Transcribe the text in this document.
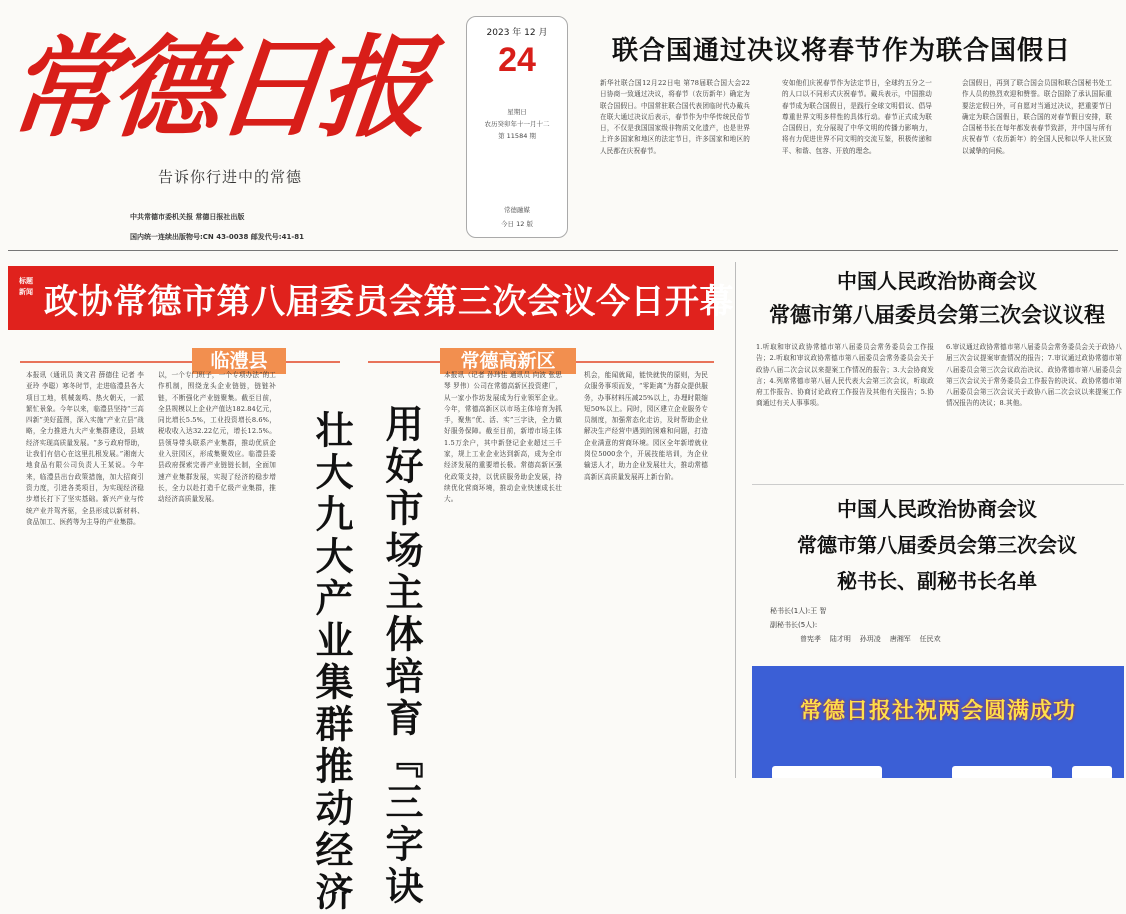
常德日报
告诉你行进中的常德
中共常德市委机关报 常德日报社出版
国内统一连续出版物号:CN 43-0038 邮发代号:41-81
2023 年 12 月
24
星期日
农历癸卯年十一月十二
第 11584 期
常德融媒
今日 12 版
联合国通过决议将春节作为联合国假日
新华社联合国12月22日电 第78届联合国大会22日协商一致通过决议，将春节（农历新年）确定为联合国假日。中国常驻联合国代表团临时代办戴兵在联大通过决议后表示，春节作为中华传统民俗节日，不仅是我国国家级非物质文化遗产，也是世界上许多国家和地区的法定节日，许多国家和地区的人民都在庆祝春节。
安如他们庆祝春节作为法定节日，全球约五分之一的人口以不同形式庆祝春节。戴兵表示，中国推动春节成为联合国假日，是践行全球文明倡议、倡导尊重世界文明多样性的具体行动。春节正式成为联合国假日，充分展现了中华文明的传播力影响力，将有力促进世界不同文明的交流互鉴，积极传递和平、和谐、包容、开放的理念。
会国假日，再到了联合国会员国和联合国秘书处工作人员的热烈欢迎和赞誉。联合国除了承认国际重要法定假日外，可自愿对当通过决议，把重要节日确定为联合国假日，联合国的对春节假日安排，联合国秘书长在每年都发表春节致辞，并中国与所有庆祝春节（农历新年）的全国人民和以华人社区致以诚挚的问候。
标题新闻 政协常德市第八届委员会第三次会议今日开幕
临澧县
本报讯（通讯员 龚文君 薛德佳 记者 李亚玲 李聪）寒冬时节，走进临澧县各大项目工地，机械轰鸣、热火朝天，一派繁忙景象。今年以来，临澧县坚持“三高四新”美好蓝图，深入实施“产业立县”战略，全力推进九大产业集群建设，县域经济实现高质量发展。“多亏政府帮助，让我们有信心在这里扎根发展。”湘南大地食品有限公司负责人王某说。今年来，临澧县出台政策措施，加大招商引资力度，引进各类项目，为实现经济稳步增长打下了坚实基础。新兴产业与传统产业并驾齐驱，全县形成以新材料、食品加工、医药等为主导的产业集群。
以，一个专门班子，一个专项办法”的工作机制，围绕龙头企业链链，链链补链，不断强化产业链聚集。截至目前，全县规模以上企业产值达182.84亿元，同比增长5.5%，工业投资增长8.6%，税收收入达32.22亿元，增长12.5%。县领导带头联系产业集群，推动优质企业入驻园区，形成集聚效应。临澧县委县政府探索完善产业链链长制，全面加速产业集群发展，实现了经济的稳步增长，全力以赴打造千亿级产业集群，推动经济高质量发展。	壮大九大产业集群推动经济
常德高新区
用好市场主体培育『三字诀
本报讯（记者 孙玮佳 通讯员 向波 张思琴 罗伟）公司在常德高新区投资建厂，从一家小作坊发展成为行业领军企业。今年，常德高新区以市场主体培育为抓手，聚焦“优、活、实”三字诀，全力做好服务保障。截至目前，新增市场主体1.5万余户，其中新登记企业超过三千家，规上工业企业达到新高，成为全市经济发展的重要增长极。常德高新区强化政策支持，以优质服务助企发展，持续优化营商环境，推动企业快速成长壮大。
机会，能闻就闻，能快就快的原则，为民众服务事项而发，“零距离”为群众提供服务，办事材料压减25%以上，办理时限缩短50%以上。同时，园区建立企业服务专员制度，加强常态化走访，及时帮助企业解决生产经营中遇到的困难和问题，打造企业满意的营商环境。园区全年新增就业岗位5000余个，开展技能培训，为企业输送人才，助力企业发展壮大，推动常德高新区高质量发展再上新台阶。
中国人民政治协商会议
常德市第八届委员会第三次会议议程
1.听取和审议政协常德市第八届委员会常务委员会工作报告；2.听取和审议政协常德市第八届委员会常务委员会关于政协八届二次会议以来提案工作情况的报告；3.大会协商发言；4.列席常德市第八届人民代表大会第三次会议，听取政府工作报告、协商讨论政府工作报告及其他有关报告；5.协商通过有关人事事项。
6.审议通过政协常德市第八届委员会常务委员会关于政协八届三次会议提案审查情况的报告；7.审议通过政协常德市第八届委员会第三次会议政治决议、政协常德市第八届委员会第三次会议关于常务委员会工作报告的决议、政协常德市第八届委员会第三次会议关于政协八届二次会议以来提案工作情况报告的决议；8.其他。
中国人民政治协商会议
常德市第八届委员会第三次会议
秘书长、副秘书长名单
秘书长(1人):王 智
副秘书长(5人):
曾宪孝    陆才明    孙玥凌    唐湘军    任民欢
常德日报社祝两会圆满成功
